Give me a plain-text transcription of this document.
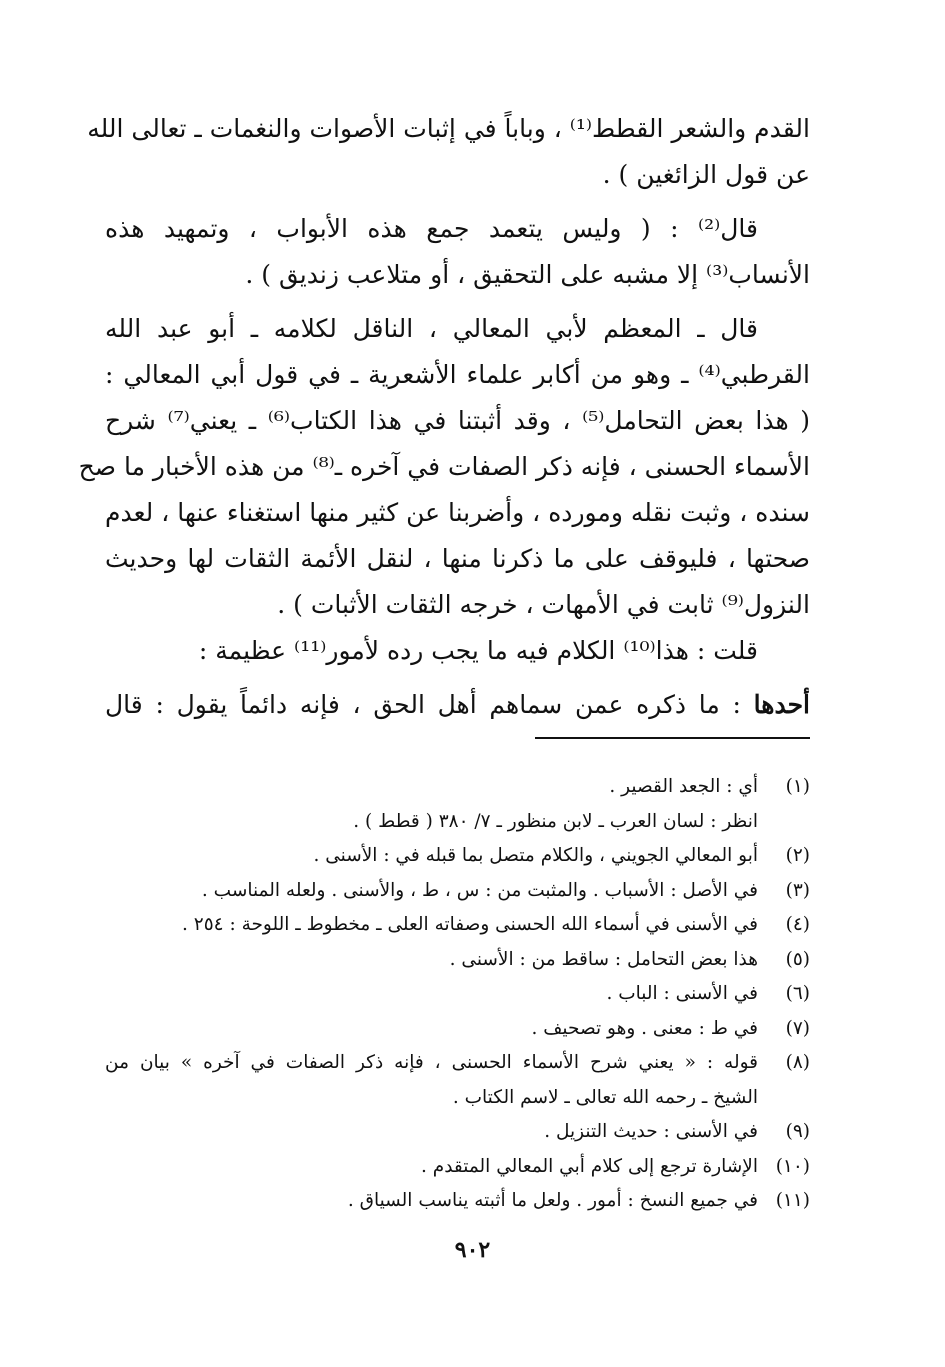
القدم والشعر القطط⁽¹⁾ ، وباباً في إثبات الأصوات والنغمات ـ تعالى الله
عن قول الزائغين ) .
قال⁽²⁾ : ( وليس يتعمد جمع هذه الأبواب ، وتمهيد هذه
الأنساب⁽³⁾ إلا مشبه على التحقيق ، أو متلاعب زنديق ) .
قال ـ المعظم لأبي المعالي ، الناقل لكلامه ـ أبو عبد الله
القرطبي⁽⁴⁾ ـ وهو من أكابر علماء الأشعرية ـ في قول أبي المعالي :
( هذا بعض التحامل⁽⁵⁾ ، وقد أثبتنا في هذا الكتاب⁽⁶⁾ ـ يعني⁽⁷⁾ شرح
الأسماء الحسنى ، فإنه ذكر الصفات في آخره ـ⁽⁸⁾ من هذه الأخبار ما صح
سنده ، وثبت نقله ومورده ، وأضربنا عن كثير منها استغناء عنها ، لعدم
صحتها ، فليوقف على ما ذكرنا منها ، لنقل الأئمة الثقات لها وحديث
النزول⁽⁹⁾ ثابت في الأمهات ، خرجه الثقات الأثبات ) .
قلت : هذا⁽¹⁰⁾ الكلام فيه ما يجب رده لأمور⁽¹¹⁾ عظيمة :
أحدها : ما ذكره عمن سماهم أهل الحق ، فإنه دائماً يقول : قال
(١)
أي : الجعد القصير .
انظر : لسان العرب ـ لابن منظور ـ ٧/ ٣٨٠ ( قطط ) .
(٢)
أبو المعالي الجويني ، والكلام متصل بما قبله في : الأسنى .
(٣)
في الأصل : الأسباب . والمثبت من : س ، ط ، والأسنى . ولعله المناسب .
(٤)
في الأسنى في أسماء الله الحسنى وصفاته العلى ـ مخطوط ـ اللوحة : ٢٥٤ .
(٥)
هذا بعض التحامل : ساقط من : الأسنى .
(٦)
في الأسنى : الباب .
(٧)
في ط : معنى . وهو تصحيف .
(٨)
قوله : « يعني شرح الأسماء الحسنى ، فإنه ذكر الصفات في آخره » بيان من
الشيخ ـ رحمه الله تعالى ـ لاسم الكتاب .
(٩)
في الأسنى : حديث التنزيل .
(١٠)
الإشارة ترجع إلى كلام أبي المعالي المتقدم .
(١١)
في جميع النسخ : أمور . ولعل ما أثبته يناسب السياق .
٩٠٢
